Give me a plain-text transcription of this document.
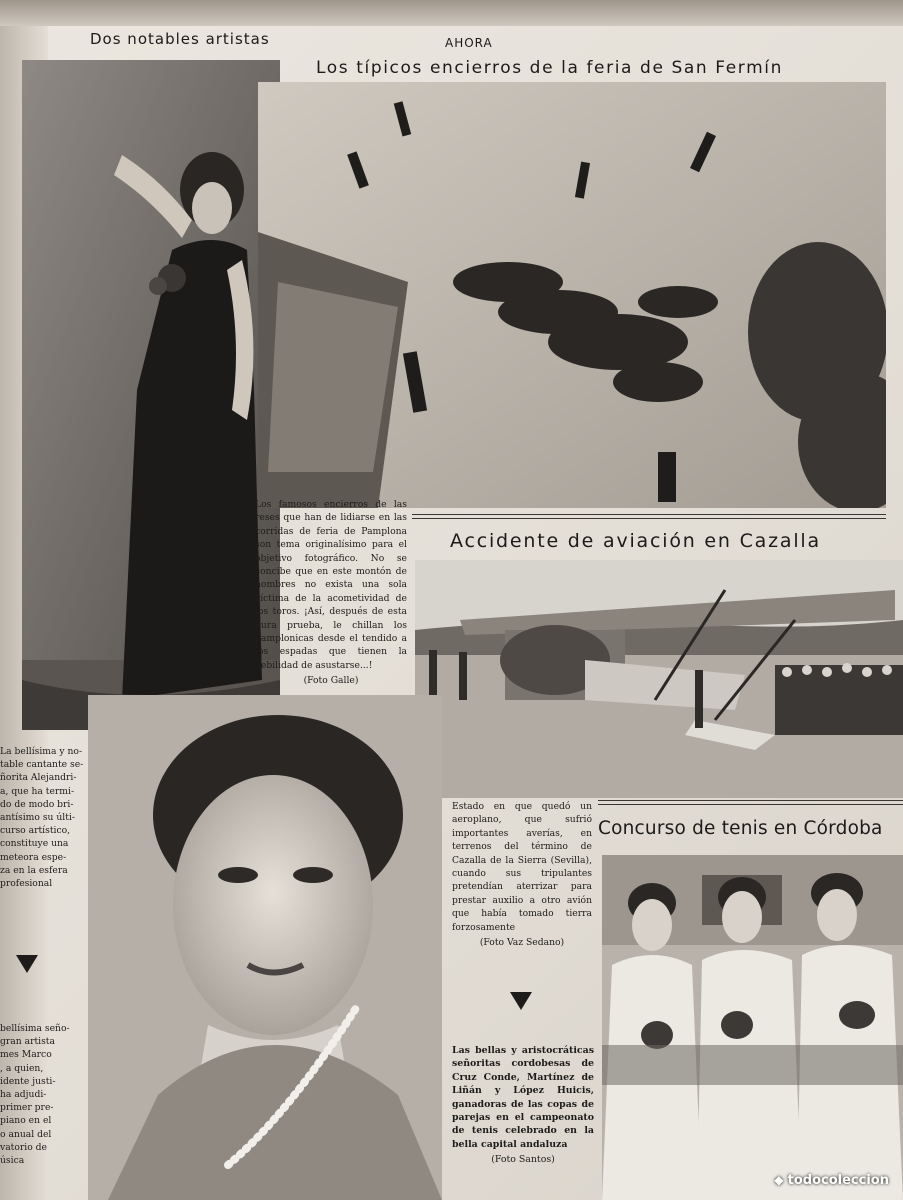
Dos notables artistas	AHORA
Los típicos encierros de la feria de San Fermín
Los famosos encierros de las reses que han de lidiarse en las corridas de feria de Pamplona son tema originalísimo para el objetivo fotográfico. No se concibe que en este montón de hombres no exista una sola víctima de la acometividad de los toros. ¡Así, después de esta dura prueba, le chillan los pamplonicas desde el tendido a los espadas que tienen la debilidad de asustarse...!
(Foto Galle)
Accidente de aviación en Cazalla
Estado en que quedó un aeroplano, que sufrió importantes averías, en terrenos del término de Cazalla de la Sierra (Sevilla), cuando sus tripulantes pretendían aterrizar para prestar auxilio a otro avión que había tomado tierra forzosamente
(Foto Vaz Sedano)
Las bellas y aristocráticas señoritas cordobesas de Cruz Conde, Martínez de Liñán y López Huicis, ganadoras de las copas de parejas en el campeonato de tenis celebrado en la bella capital andaluza
(Foto Santos)
Concurso de tenis en Córdoba
La bellísima y no-
table cantante se-
ñorita Alejandri-
a, que ha termi-
do de modo bri-
antísimo su últi-
curso artístico,
constituye una
meteora espe-
za en la esfera
profesional
bellísima seño-
gran artista
mes Marco
, a quien,
idente justi-
ha adjudi-
primer pre-
piano en el
o anual del
vatorio de
úsica
◆ todocoleccion
